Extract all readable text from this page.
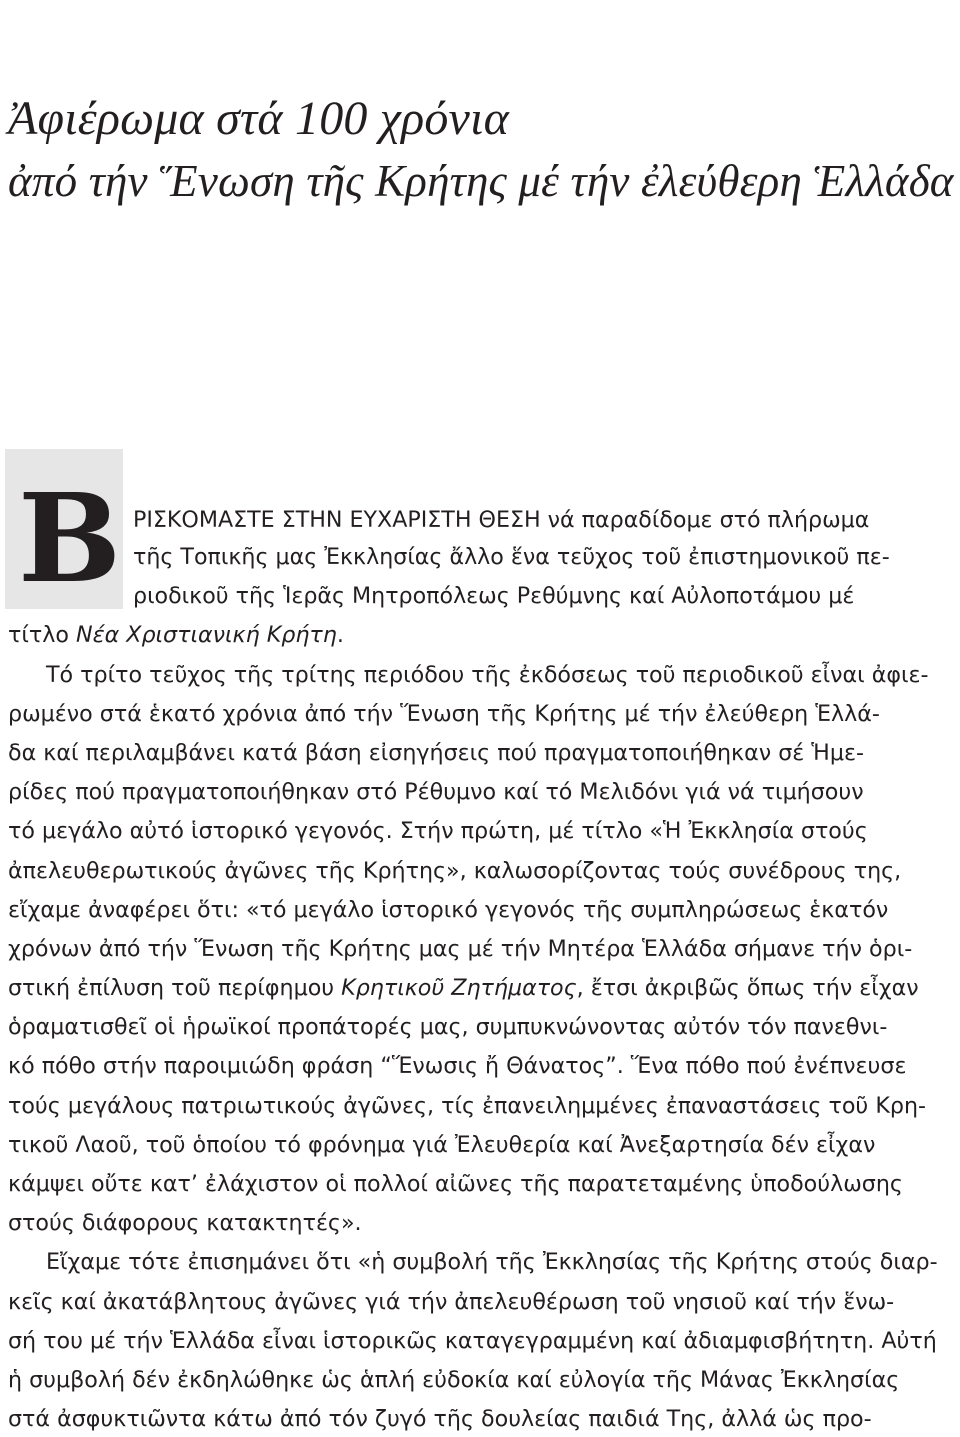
Ἀφιέρωμα στά 100 χρόνια
ἀπό τήν Ἕνωση τῆς Κρήτης μέ τήν ἐλεύθερη Ἑλλάδα
Β ΡΙΣΚΟΜΑΣΤΕ ΣΤΗΝ ΕΥΧΑΡΙΣΤΗ ΘΕΣΗ νά παραδίδομε στό πλήρωμα
τῆς Τοπικῆς μας Ἐκκλησίας ἄλλο ἕνα τεῦχος τοῦ ἐπιστημονικοῦ πε-
ριοδικοῦ τῆς Ἱερᾶς Μητροπόλεως Ρεθύμνης καί Αὐλοποτάμου μέ
τίτλο Νέα Χριστιανική Κρήτη.
Τό τρίτο τεῦχος τῆς τρίτης περιόδου τῆς ἐκδόσεως τοῦ περιοδικοῦ εἶναι ἀφιε-
ρωμένο στά ἑκατό χρόνια ἀπό τήν Ἕνωση τῆς Κρήτης μέ τήν ἐλεύθερη Ἑλλά-
δα καί περιλαμβάνει κατά βάση εἰσηγήσεις πού πραγματοποιήθηκαν σέ Ἡμε-
ρίδες πού πραγματοποιήθηκαν στό Ρέθυμνο καί τό Μελιδόνι γιά νά τιμήσουν
τό μεγάλο αὐτό ἱστορικό γεγονός. Στήν πρώτη, μέ τίτλο «Ἡ Ἐκκλησία στούς
ἀπελευθερωτικούς ἀγῶνες τῆς Κρήτης», καλωσορίζοντας τούς συνέδρους της,
εἴχαμε ἀναφέρει ὅτι: «τό μεγάλο ἱστορικό γεγονός τῆς συμπληρώσεως ἑκατόν
χρόνων ἀπό τήν Ἕνωση τῆς Κρήτης μας μέ τήν Μητέρα Ἑλλάδα σήμανε τήν ὁρι-
στική ἐπίλυση τοῦ περίφημου Κρητικοῦ Ζητήματος, ἔτσι ἀκριβῶς ὅπως τήν εἶχαν
ὁραματισθεῖ οἱ ἡρωϊκοί προπάτορές μας, συμπυκνώνοντας αὐτόν τόν πανεθνι-
κό πόθο στήν παροιμιώδη φράση “Ἕνωσις ἤ Θάνατος”. Ἕνα πόθο πού ἐνέπνευσε
τούς μεγάλους πατριωτικούς ἀγῶνες, τίς ἐπανειλημμένες ἐπαναστάσεις τοῦ Κρη-
τικοῦ Λαοῦ, τοῦ ὁποίου τό φρόνημα γιά Ἐλευθερία καί Ἀνεξαρτησία δέν εἶχαν
κάμψει οὔτε κατ’ ἐλάχιστον οἱ πολλοί αἰῶνες τῆς παρατεταμένης ὑποδούλωσης
στούς διάφορους κατακτητές».
Εἴχαμε τότε ἐπισημάνει ὅτι «ἡ συμβολή τῆς Ἐκκλησίας τῆς Κρήτης στούς διαρ-
κεῖς καί ἀκατάβλητους ἀγῶνες γιά τήν ἀπελευθέρωση τοῦ νησιοῦ καί τήν ἕνω-
σή του μέ τήν Ἑλλάδα εἶναι ἱστορικῶς καταγεγραμμένη καί ἀδιαμφισβήτητη. Αὐτή
ἡ συμβολή δέν ἐκδηλώθηκε ὡς ἁπλή εὐδοκία καί εὐλογία τῆς Μάνας Ἐκκλησίας
στά ἀσφυκτιῶντα κάτω ἀπό τόν ζυγό τῆς δουλείας παιδιά Της, ἀλλά ὡς προ-
